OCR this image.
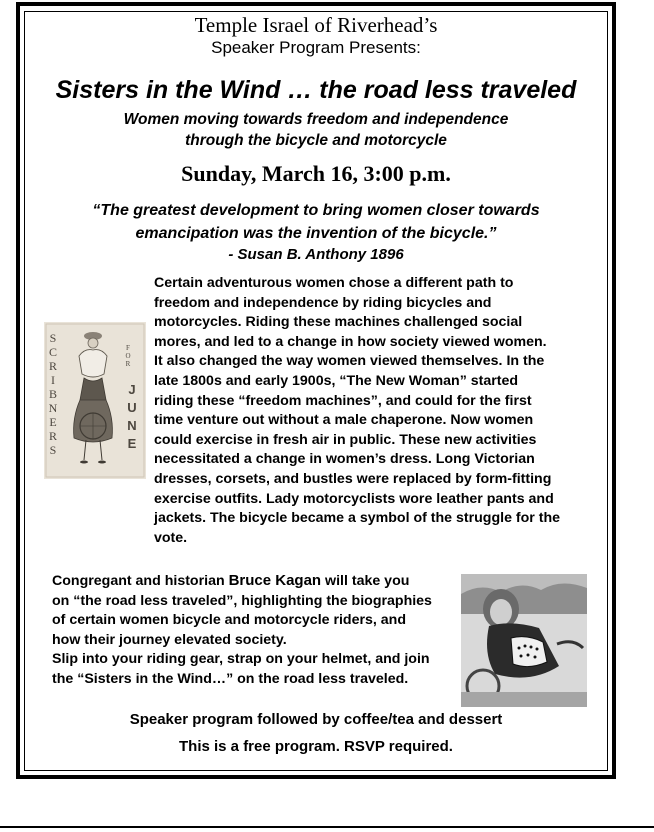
Temple Israel of Riverhead’s
Speaker Program Presents:
Sisters in the Wind … the road less traveled
Women moving towards freedom and independence
through the bicycle and motorcycle
Sunday, March 16, 3:00 p.m.
“The greatest development to bring women closer towards
emancipation was the invention of the bicycle.”
- Susan B. Anthony 1896
S
C
R
I
B
N
E
R
S
F
O
R
J
U
N
E
Certain adventurous women chose a different path to
freedom and independence by riding bicycles and
motorcycles. Riding these machines challenged social
mores, and led to a change in how society viewed women.
It also changed the way women viewed themselves. In the
late 1800s and early 1900s, “The New Woman” started
riding these “freedom machines”, and could for the first
time venture out without a male chaperone. Now women
could exercise in fresh air in public. These new activities
necessitated a change in women’s dress. Long Victorian
dresses, corsets, and bustles were replaced by form-fitting
exercise outfits. Lady motorcyclists wore leather pants and
jackets. The bicycle became a symbol of the struggle for the
vote.
Congregant and historian Bruce Kagan will take you
on “the road less traveled”, highlighting the biographies
of certain women bicycle and motorcycle riders, and
how their journey elevated society.
Slip into your riding gear, strap on your helmet, and join
the “Sisters in the Wind…” on the road less traveled.
Speaker program followed by coffee/tea and dessert
This is a free program. RSVP required.
